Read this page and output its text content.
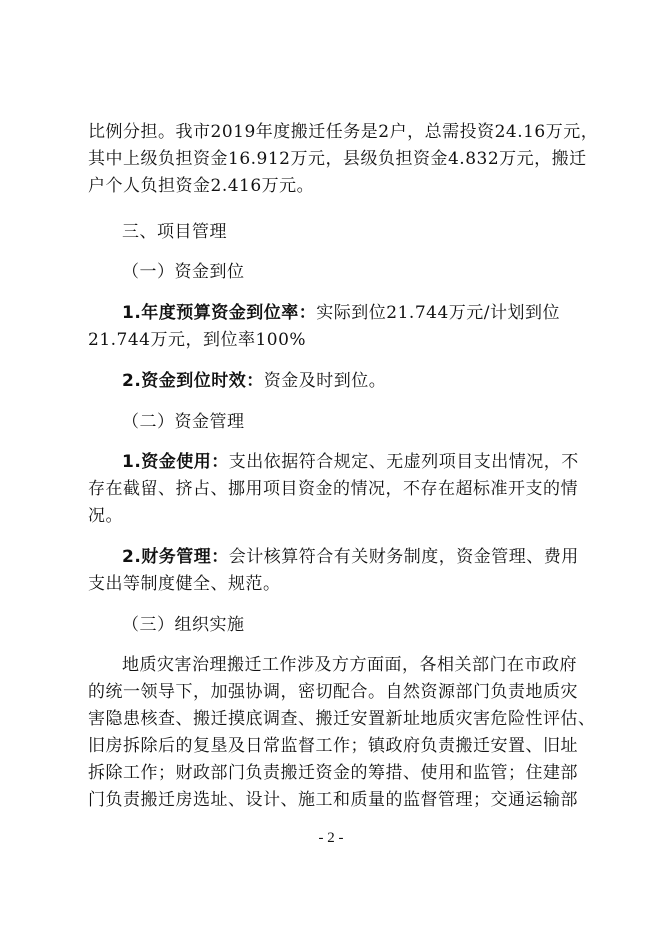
比例分担。我市2019年度搬迁任务是2户，总需投资24.16万元，
其中上级负担资金16.912万元，县级负担资金4.832万元，搬迁
户个人负担资金2.416万元。

三、项目管理

（一）资金到位

1.年度预算资金到位率：实际到位21.744万元/计划到位
21.744万元，到位率100%

2.资金到位时效：资金及时到位。

（二）资金管理

1.资金使用：支出依据符合规定、无虚列项目支出情况，不
存在截留、挤占、挪用项目资金的情况，不存在超标准开支的情
况。

2.财务管理：会计核算符合有关财务制度，资金管理、费用
支出等制度健全、规范。

（三）组织实施

地质灾害治理搬迁工作涉及方方面面，各相关部门在市政府
的统一领导下，加强协调，密切配合。自然资源部门负责地质灾
害隐患核查、搬迁摸底调查、搬迁安置新址地质灾害危险性评估、
旧房拆除后的复垦及日常监督工作；镇政府负责搬迁安置、旧址
拆除工作；财政部门负责搬迁资金的筹措、使用和监管；住建部
门负责搬迁房选址、设计、施工和质量的监督管理；交通运输部

- 2 -
